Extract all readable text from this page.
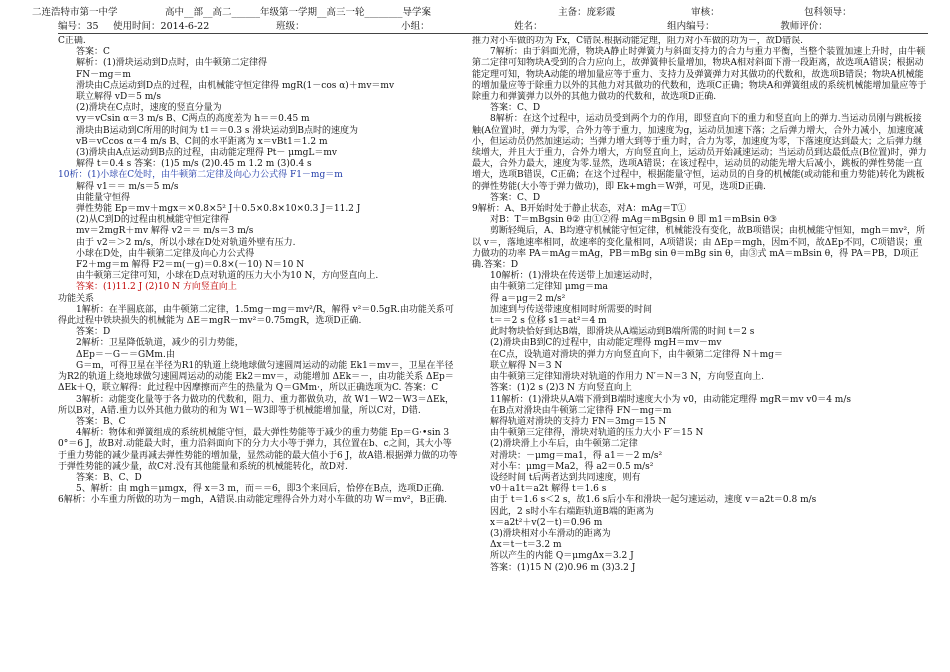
二连浩特市第一中学	高中__部__高二______年级第一学期__高三一轮________导学案	主备：庞彩霞	审核：	包科领导：
编号：35 使用时间：2014-6-22	班级：	小组：	姓名：	组内编号：	教师评价：

C正确.

答案：C

解析：(1)滑块运动到D点时，由牛顿第二定律得

FN－mg＝m

滑块由C点运动到D点的过程，由机械能守恒定律得 mgR(1－cos α)＋mv＝mv

联立解得 vD＝5 m/s

(2)滑块在C点时，速度的竖直分量为

vy＝vCsin α＝3 m/s B、C两点的高度差为 h＝＝0.45 m

滑块由B运动到C所用的时间为 t1＝＝0.3 s 滑块运动到B点时的速度为

vB＝vCcos α＝4 m/s B、C间的水平距离为 x＝vBt1＝1.2 m

(3)滑块由A点运动到B点的过程，由动能定理得 Pt－ μmgL＝mv

解得 t＝0.4 s 答案：(1)5 m/s (2)0.45 m 1.2 m (3)0.4 s

10析：(1)小球在C处时，由牛顿第二定律及向心力公式得 F1－mg＝m

解得 v1＝＝ m/s＝5 m/s

由能量守恒得

弹性势能 Ep＝mv＋mgx＝×0.8×5² J＋0.5×0.8×10×0.3 J＝11.2 J

(2)从C到D的过程由机械能守恒定律得

mv＝2mgR＋mv 解得 v2＝＝ m/s＝3 m/s

由于 v2＝＞2 m/s，所以小球在D处对轨道外壁有压力.

小球在D处，由牛顿第二定律及向心力公式得

F2＋mg＝m 解得 F2＝m(－g)＝0.8×(－10) N＝10 N

由牛顿第三定律可知，小球在D点对轨道的压力大小为10 N，方向竖直向上.

答案：(1)11.2 J (2)10 N 方向竖直向上

功能关系

1解析：在半圆底部，由牛顿第二定律，1.5mg－mg＝mv²/R，解得 v²＝0.5gR.由功能关系可得此过程中铁块损失的机械能为 ΔE＝mgR－mv²＝0.75mgR，选项D正确.

答案：D

2解析：卫星降低轨道，减少的引力势能，

ΔEp＝－G－＝GMm.由

G＝m，可得卫星在半径为R1的轨道上绕地球做匀速圆周运动的动能 Ek1＝mv＝，卫星在半径为R2的轨道上绕地球做匀速圆周运动的动能 Ek2＝mv＝，动能增加 ΔEk＝－，由功能关系 ΔEp＝ΔEk＋Q，联立解得：此过程中因摩擦而产生的热量为 Q＝GMm·，所以正确选项为C. 答案：C

3解析：动能变化量等于各力做功的代数和，阻力、重力都做负功，故 W1－W2－W3＝ΔEk，所以B对，A错.重力以外其他力做功的和为 W1－W3即等于机械能增加量，所以C对，D错.

答案：B、C

4解析：物体和弹簧组成的系统机械能守恒，最大弹性势能等于减少的重力势能 Ep＝G·•sin 30°＝6 J，故B对.动能最大时，重力沿斜面向下的分力大小等于弹力，其位置在b、c之间，其大小等于重力势能的减少量再减去弹性势能的增加量，显然动能的最大值小于6 J，故A错.根据弹力做的功等于弹性势能的减少量，故C对.没有其他能量和系统的机械能转化，故D对.

答案：B、C、D

5、解析：由 mgh＝μmgx，得 x＝3 m，而＝＝6，即3个来回后，恰停在B点，选项D正确.

6解析：小车重力所做的功为－mgh，A错误.由动能定理得合外力对小车做的功 W＝mv²，B正确.

推力对小车做的功为 Fx，C错误.根据动能定理，阻力对小车做的功为－，故D错误.

7解析：由于斜面光滑，物块A静止时弹簧力与斜面支持力的合力与重力平衡，当整个装置加速上升时，由牛顿第二定律可知物块A受到的合力应向上，故弹簧伸长量增加，物块A相对斜面下滑一段距离，故选项A错误；根据动能定理可知，物块A动能的增加量应等于重力、支持力及弹簧弹力对其做功的代数和，故选项B错误；物块A机械能的增加量应等于除重力以外的其他力对其做功的代数和，选项C正确；物块A和弹簧组成的系统机械能增加量应等于除重力和弹簧弹力以外的其他力做功的代数和，故选项D正确.

答案：C、D

8解析：在这个过程中，运动员受到两个力的作用，即竖直向下的重力和竖直向上的弹力.当运动员刚与跳板接触(A位置)时，弹力为零，合外力等于重力，加速度为g，运动员加速下落；之后弹力增大，合外力减小，加速度减小，但运动员仍然加速运动；当弹力增大到等于重力时，合力为零，加速度为零，下落速度达到最大；之后弹力继续增大，并且大于重力，合外力增大，方向竖直向上，运动员开始减速运动；当运动员到达最低点(B位置)时，弹力最大，合外力最大，速度为零.显然，选项A错误；在该过程中，运动员的动能先增大后减小，跳板的弹性势能一直增大，选项B错误，C正确；在这个过程中，根据能量守恒，运动员的自身的机械能(或动能和重力势能)转化为跳板的弹性势能(大小等于弹力做功)，即 Ek+mgh＝W弹，可见，选项D正确.

答案：C、D

9解析：A、B开始时处于静止状态，对A：mAg＝T①

对B：T＝mBgsin θ② 由①②得 mAg＝mBgsin θ 即 m1＝mBsin θ③

剪断轻绳后，A、B均遵守机械能守恒定律，机械能没有变化，故B项错误；由机械能守恒知，mgh＝mv²，所以 v＝，落地速率相同，故速率的变化量相同，A项错误；由 ΔEp＝mgh，因m不同，故ΔEp不同，C项错误；重力做功的功率 PA＝mAg＝mAg，PB＝mBg sin θ＝mBg sin θ，由③式 mA＝mBsin θ，得 PA＝PB，D项正确.答案：D

10解析：(1)滑块在传送带上加速运动时，

由牛顿第二定律知 μmg＝ma

得 a＝μg＝2 m/s²

加速到与传送带速度相同时所需要的时间

t＝＝2 s 位移 s1＝at²＝4 m

此时物块恰好到达B端，即滑块从A端运动到B端所需的时间 t＝2 s

(2)滑块由B到C的过程中，由动能定理得 mgH＝mv－mv

在C点，设轨道对滑块的弹力方向竖直向下，由牛顿第二定律得 N＋mg＝

联立解得 N＝3 N

由牛顿第三定律知滑块对轨道的作用力 N′＝N＝3 N，方向竖直向上.

答案：(1)2 s (2)3 N 方向竖直向上

11解析：(1)滑块从A端下滑到B端时速度大小为 v0，由动能定理得 mgR＝mv v0＝4 m/s

在B点对滑块由牛顿第二定律得 FN－mg＝m

解得轨道对滑块的支持力 FN＝3mg＝15 N

由牛顿第三定律得，滑块对轨道的压力大小 F′＝15 N

(2)滑块滑上小车后，由牛顿第二定律

对滑块：－μmg＝ma1，得 a1＝－2 m/s²

对小车：μmg＝Ma2，得 a2＝0.5 m/s²

设经时间 t后两者达到共同速度，则有

v0＋a1t＝a2t 解得 t＝1.6 s

由于 t＝1.6 s＜2 s，故1.6 s后小车和滑块一起匀速运动，速度 v＝a2t＝0.8 m/s

因此，2 s时小车右端距轨道B端的距离为

x＝a2t²＋v(2－t)＝0.96 m

(3)滑块相对小车滑动的距离为

Δx＝t－t＝3.2 m

所以产生的内能 Q＝μmgΔx＝3.2 J

答案：(1)15 N (2)0.96 m (3)3.2 J
